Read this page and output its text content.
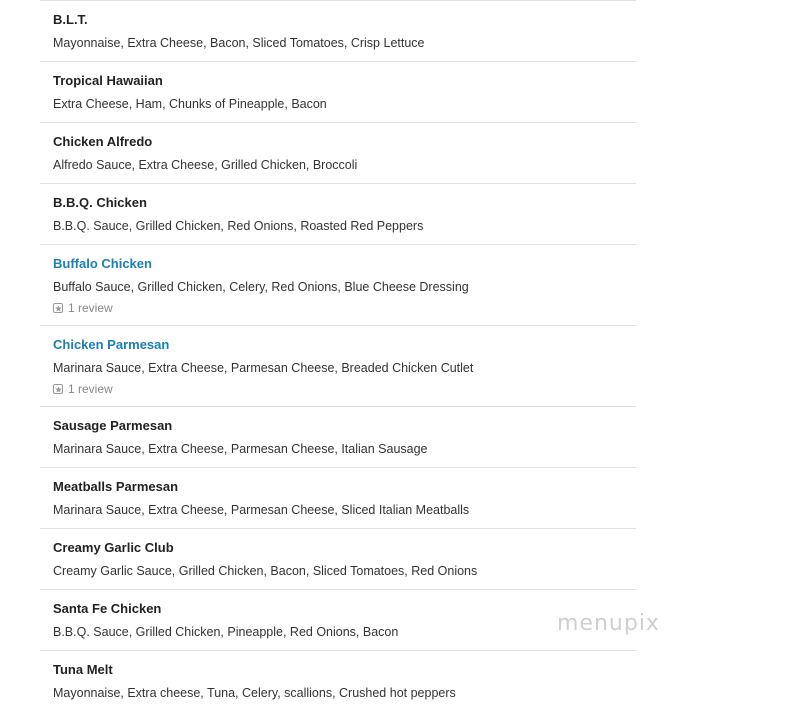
B.L.T.
Mayonnaise, Extra Cheese, Bacon, Sliced Tomatoes, Crisp Lettuce
Tropical Hawaiian
Extra Cheese, Ham, Chunks of Pineapple, Bacon
Chicken Alfredo
Alfredo Sauce, Extra Cheese, Grilled Chicken, Broccoli
B.B.Q. Chicken
B.B.Q. Sauce, Grilled Chicken, Red Onions, Roasted Red Peppers
Buffalo Chicken
Buffalo Sauce, Grilled Chicken, Celery, Red Onions, Blue Cheese Dressing
1 review
Chicken Parmesan
Marinara Sauce, Extra Cheese, Parmesan Cheese, Breaded Chicken Cutlet
1 review
Sausage Parmesan
Marinara Sauce, Extra Cheese, Parmesan Cheese, Italian Sausage
Meatballs Parmesan
Marinara Sauce, Extra Cheese, Parmesan Cheese, Sliced Italian Meatballs
Creamy Garlic Club
Creamy Garlic Sauce, Grilled Chicken, Bacon, Sliced Tomatoes, Red Onions
Santa Fe Chicken
B.B.Q. Sauce, Grilled Chicken, Pineapple, Red Onions, Bacon
Tuna Melt
Mayonnaise, Extra cheese, Tuna, Celery, scallions, Crushed hot peppers
menupix
